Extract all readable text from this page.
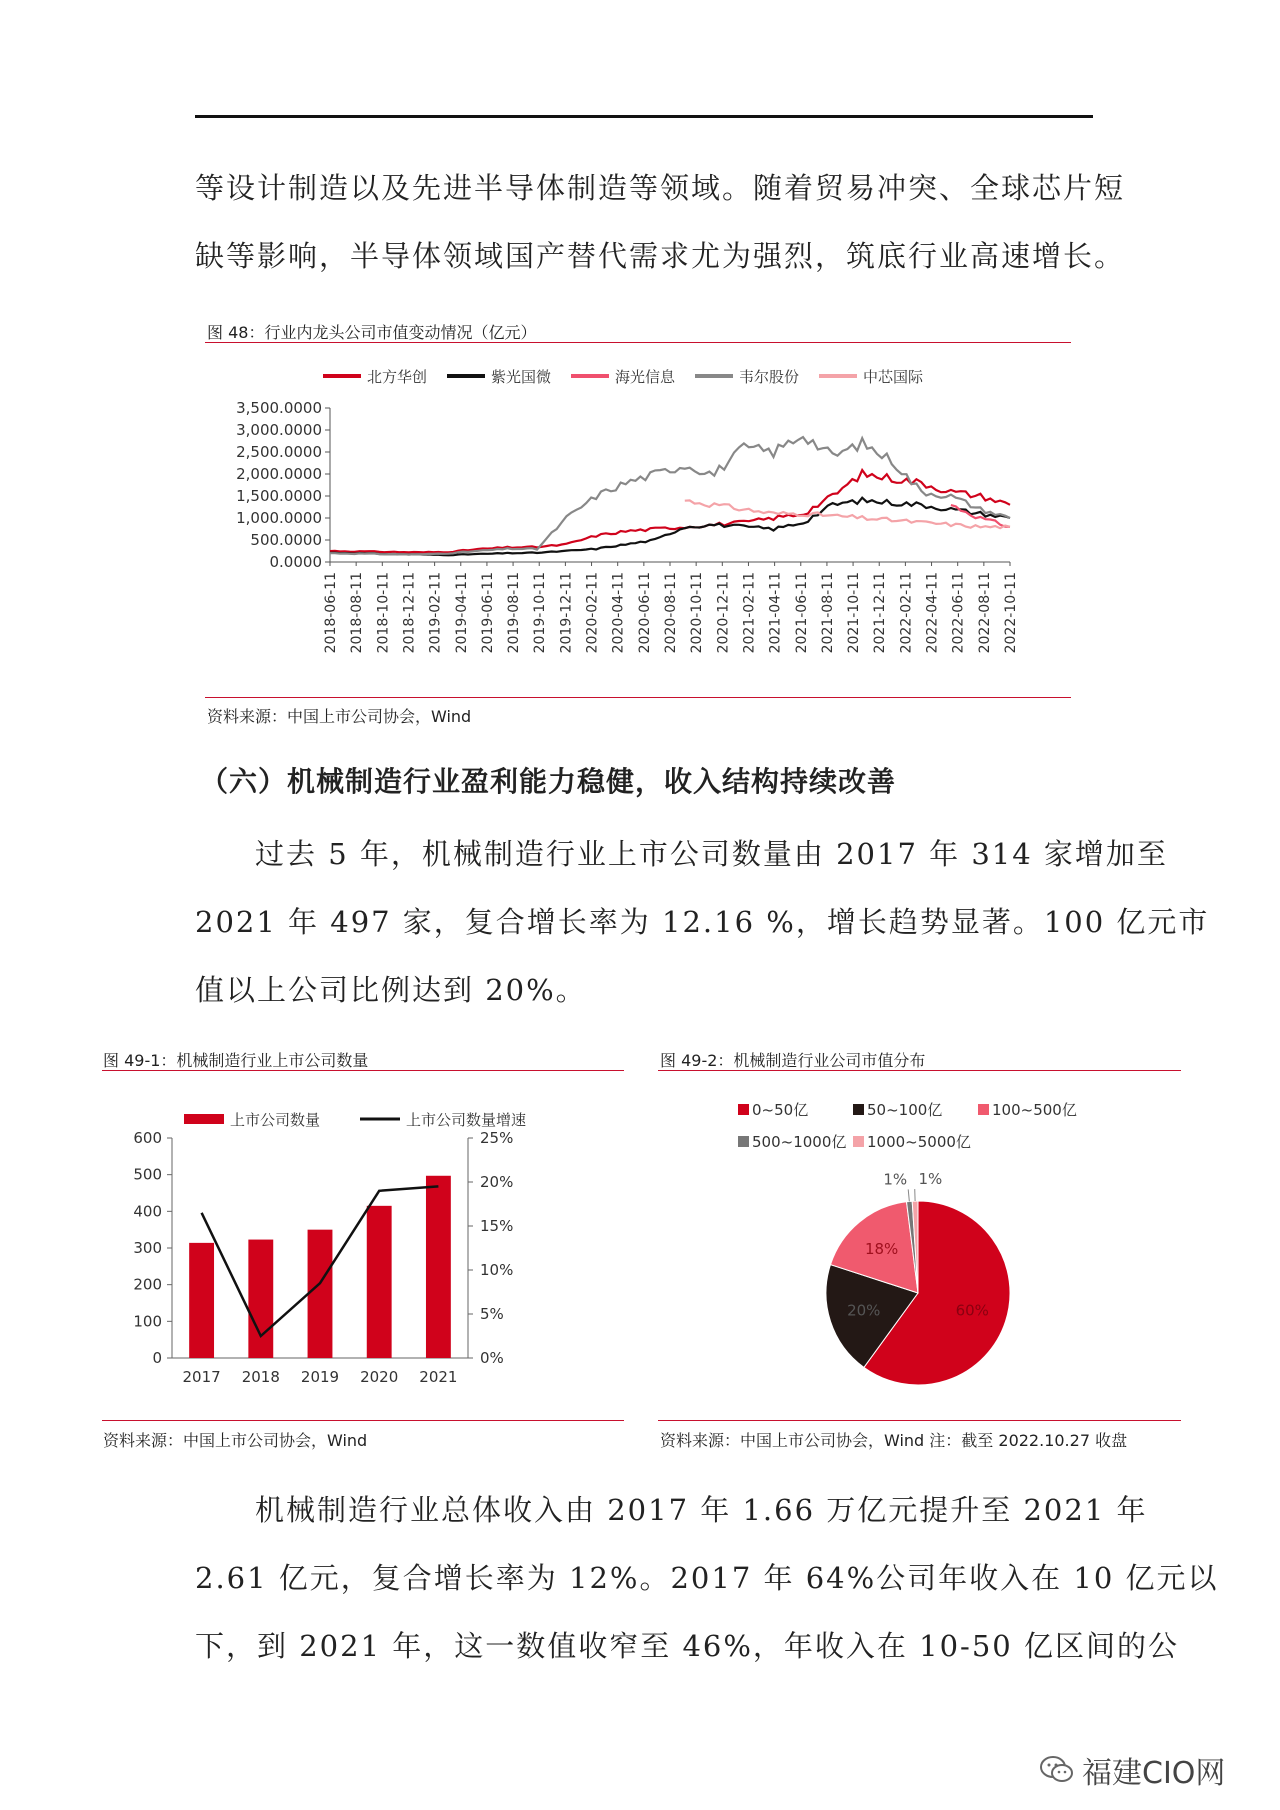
等设计制造以及先进半导体制造等领域。随着贸易冲突、全球芯片短
缺等影响，半导体领域国产替代需求尤为强烈，筑底行业高速增长。

图 48：行业内龙头公司市值变动情况（亿元）
北方华创	紫光国微	海光信息	韦尔股份	中芯国际
3,500.0000
3,000.0000
2,500.0000
2,000.0000
1,500.0000
1,000.0000
500.0000
0.0000
2018-06-11 2018-08-11 2018-10-11 2018-12-11 2019-02-11 2019-04-11 2019-06-11 2019-08-11 2019-10-11 2019-12-11 2020-02-11 2020-04-11 2020-06-11 2020-08-11 2020-10-11 2020-12-11 2021-02-11 2021-04-11 2021-06-11 2021-08-11 2021-10-11 2021-12-11 2022-02-11 2022-04-11 2022-06-11 2022-08-11 2022-10-11
资料来源：中国上市公司协会，Wind
（六）机械制造行业盈利能力稳健，收入结构持续改善

过去 5 年，机械制造行业上市公司数量由 2017 年 314 家增加至
2021 年 497 家，复合增长率为 12.16 %，增长趋势显著。100 亿元市
值以上公司比例达到 20%。

图 49-1：机械制造行业上市公司数量
上市公司数量	上市公司数量增速
600
500
400
300
200
100
0
25%
20%
15%
10%
5%
0%
2017 2018 2019 2020 2021
资料来源：中国上市公司协会，Wind
图 49-2：机械制造行业公司市值分布
0~50亿	50~100亿	100~500亿
500~1000亿 1000~5000亿
60%
20%
18%
1% 1%
资料来源：中国上市公司协会，Wind 注：截至 2022.10.27 收盘

机械制造行业总体收入由 2017 年 1.66 万亿元提升至 2021 年
2.61 亿元，复合增长率为 12%。2017 年 64%公司年收入在 10 亿元以
下，到 2021 年，这一数值收窄至 46%，年收入在 10-50 亿区间的公

福建CIO网
